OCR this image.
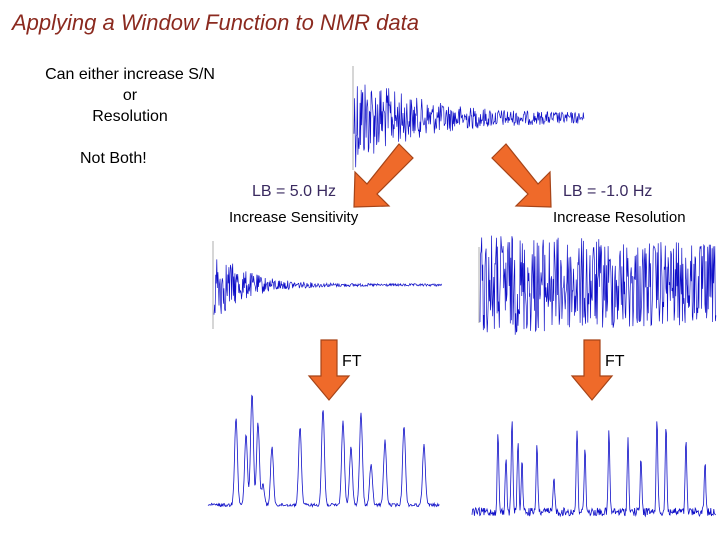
Applying a Window Function to NMR data
Can either increase S/N
or
Resolution
Not Both!
LB = 5.0 Hz
Increase Sensitivity
LB = -1.0 Hz
Increase Resolution
FT	FT
